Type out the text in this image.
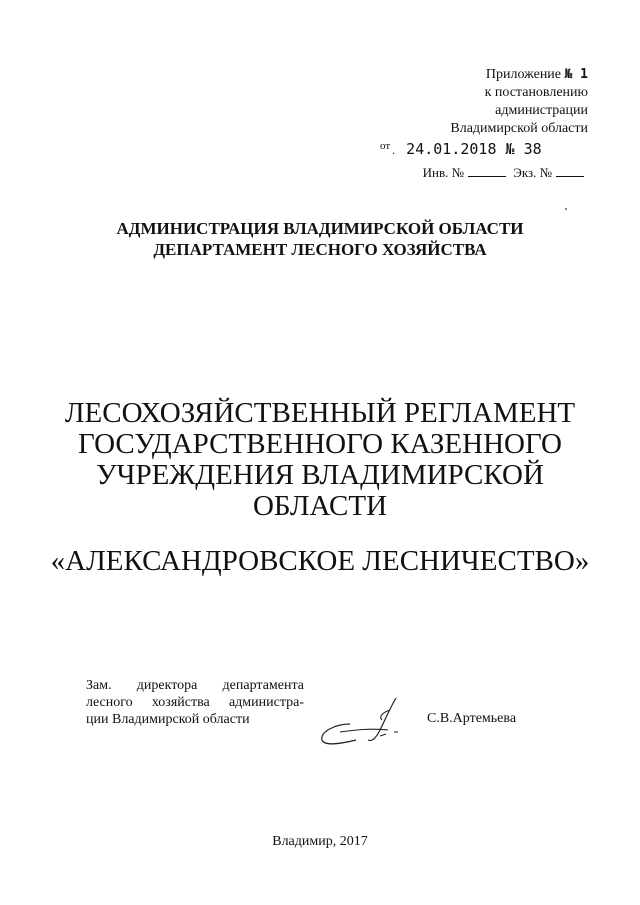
Приложение № 1
к постановлению
администрации
Владимирской области
от . 24.01.2018 № 38
Инв. №	Экз. №
АДМИНИСТРАЦИЯ ВЛАДИМИРСКОЙ ОБЛАСТИ
ДЕПАРТАМЕНТ ЛЕСНОГО ХОЗЯЙСТВА
ЛЕСОХОЗЯЙСТВЕННЫЙ РЕГЛАМЕНТ
ГОСУДАРСТВЕННОГО КАЗЕННОГО
УЧРЕЖДЕНИЯ ВЛАДИМИРСКОЙ
ОБЛАСТИ
«АЛЕКСАНДРОВСКОЕ ЛЕСНИЧЕСТВО»
Зам. директора департамента
лесного хозяйства администра-
ции Владимирской области	С.В.Артемьева
Владимир, 2017
